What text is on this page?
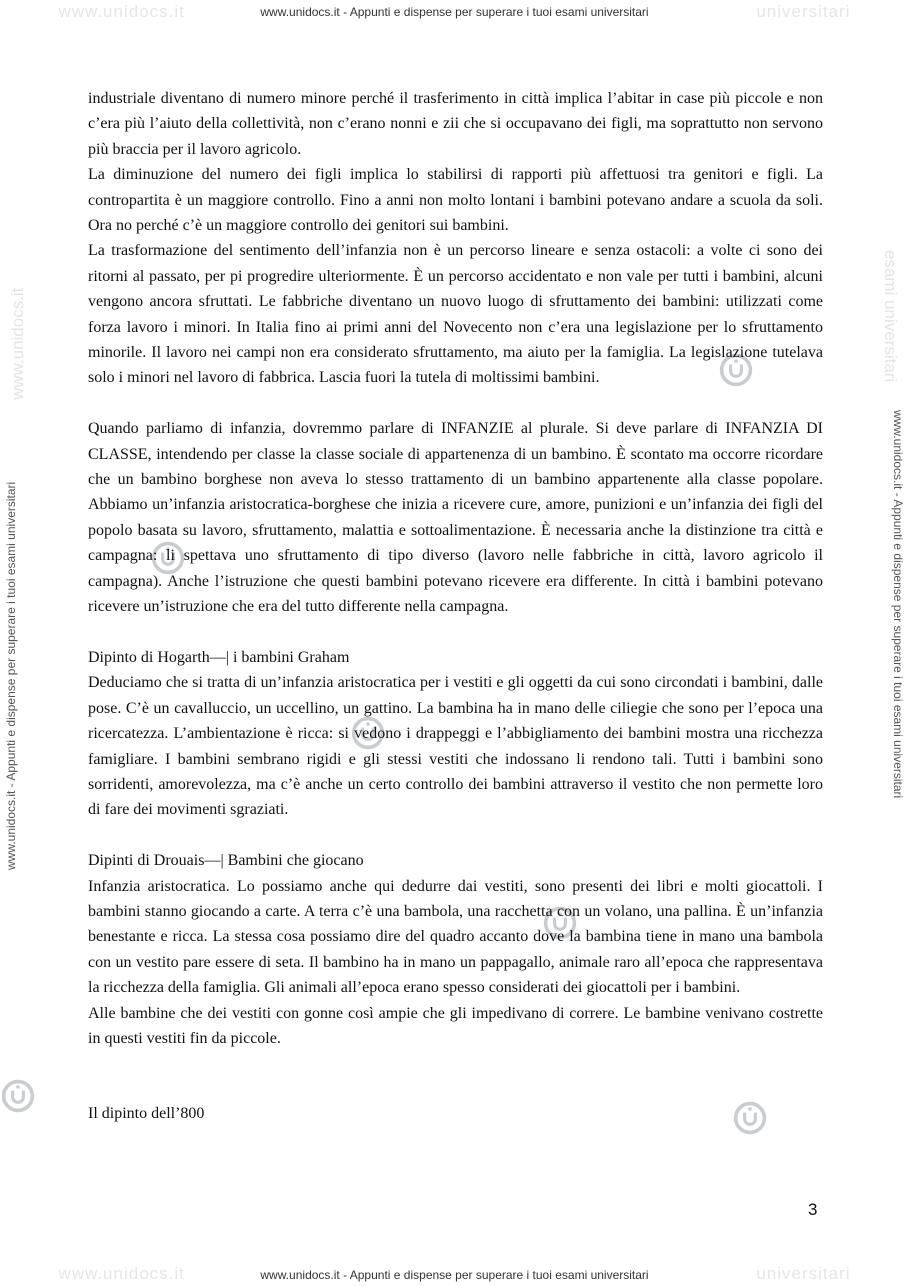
www.unidocs.it	universitari
www.unidocs.it	universitari
www.unidocs.it - Appunti e dispense per superare i tuoi esami universitari
www.unidocs.it - Appunti e dispense per superare i tuoi esami universitari
www.unidocs.it - Appunti e dispense per superare i tuoi esami universitari	www.unidocs.it - Appunti e dispense per superare i tuoi esami universitari
www.unidocs.it	esami universitari

industriale diventano di numero minore perché il trasferimento in città implica l’abitar in case più piccole e non c’era più l’aiuto della collettività, non c’erano nonni e zii che si occupavano dei figli, ma soprattutto non servono più braccia per il lavoro agricolo.

La diminuzione del numero dei figli implica lo stabilirsi di rapporti più affettuosi tra genitori e figli. La contropartita è un maggiore controllo. Fino a anni non molto lontani i bambini potevano andare a scuola da soli. Ora no perché c’è un maggiore controllo dei genitori sui bambini.

La trasformazione del sentimento dell’infanzia non è un percorso lineare e senza ostacoli: a volte ci sono dei ritorni al passato, per pi progredire ulteriormente. È un percorso accidentato e non vale per tutti i bambini, alcuni vengono ancora sfruttati. Le fabbriche diventano un nuovo luogo di sfruttamento dei bambini: utilizzati come forza lavoro i minori. In Italia fino ai primi anni del Novecento non c’era una legislazione per lo sfruttamento minorile. Il lavoro nei campi non era considerato sfruttamento, ma aiuto per la famiglia. La legislazione tutelava solo i minori nel lavoro di fabbrica. Lascia fuori la tutela di moltissimi bambini.

Quando parliamo di infanzia, dovremmo parlare di INFANZIE al plurale. Si deve parlare di INFANZIA DI CLASSE, intendendo per classe la classe sociale di appartenenza di un bambino. È scontato ma occorre ricordare che un bambino borghese non aveva lo stesso trattamento di un bambino appartenente alla classe popolare. Abbiamo un’infanzia aristocratica-borghese che inizia a ricevere cure, amore, punizioni e un’infanzia dei figli del popolo basata su lavoro, sfruttamento, malattia e sottoalimentazione. È necessaria anche la distinzione tra città e campagna: li spettava uno sfruttamento di tipo diverso (lavoro nelle fabbriche in città, lavoro agricolo il campagna). Anche l’istruzione che questi bambini potevano ricevere era differente. In città i bambini potevano ricevere un’istruzione che era del tutto differente nella campagna.

Dipinto di Hogarth—| i bambini Graham

Deduciamo che si tratta di un’infanzia aristocratica per i vestiti e gli oggetti da cui sono circondati i bambini, dalle pose. C’è un cavalluccio, un uccellino, un gattino. La bambina ha in mano delle ciliegie che sono per l’epoca una ricercatezza. L’ambientazione è ricca: si vedono i drappeggi e l’abbigliamento dei bambini mostra una ricchezza famigliare. I bambini sembrano rigidi e gli stessi vestiti che indossano li rendono tali. Tutti i bambini sono sorridenti, amorevolezza, ma c’è anche un certo controllo dei bambini attraverso il vestito che non permette loro di fare dei movimenti sgraziati.

Dipinti di Drouais—| Bambini che giocano

Infanzia aristocratica. Lo possiamo anche qui dedurre dai vestiti, sono presenti dei libri e molti giocattoli. I bambini stanno giocando a carte. A terra c’è una bambola, una racchetta con un volano, una pallina. È un’infanzia benestante e ricca. La stessa cosa possiamo dire del quadro accanto dove la bambina tiene in mano una bambola con un vestito pare essere di seta. Il bambino ha in mano un pappagallo, animale raro all’epoca che rappresentava la ricchezza della famiglia. Gli animali all’epoca erano spesso considerati dei giocattoli per i bambini.

Alle bambine che dei vestiti con gonne così ampie che gli impedivano di correre. Le bambine venivano costrette in questi vestiti fin da piccole.

Il dipinto dell’800

3
